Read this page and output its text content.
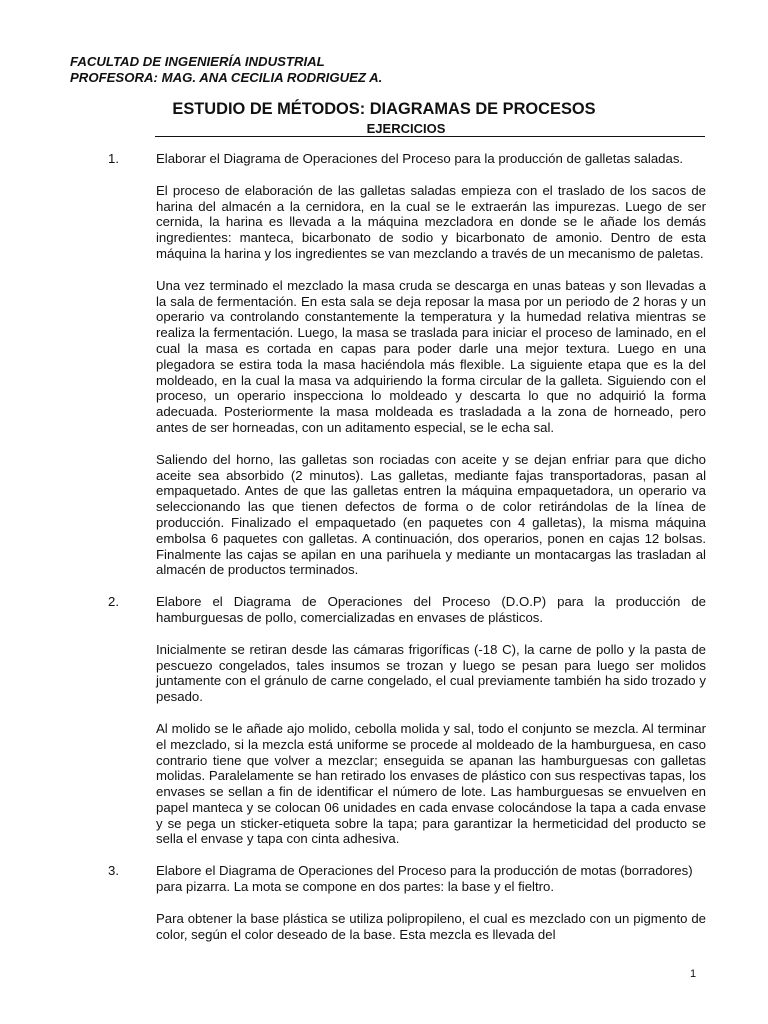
FACULTAD DE INGENIERÍA INDUSTRIAL
PROFESORA: MAG. ANA CECILIA RODRIGUEZ A.
ESTUDIO DE MÉTODOS: DIAGRAMAS DE PROCESOS
EJERCICIOS
1.	Elaborar el Diagrama de Operaciones del Proceso para la producción de galletas saladas.

El proceso de elaboración de las galletas saladas empieza con el traslado de los sacos de harina del almacén a la cernidora, en la cual se le extraerán las impurezas. Luego de ser cernida, la harina es llevada a la máquina mezcladora en donde se le añade los demás ingredientes: manteca, bicarbonato de sodio y bicarbonato de amonio. Dentro de esta máquina la harina y los ingredientes se van mezclando a través de un mecanismo de paletas.

Una vez terminado el mezclado la masa cruda se descarga en unas bateas y son llevadas a la sala de fermentación. En esta sala se deja reposar la masa por un periodo de 2 horas y un operario va controlando constantemente la temperatura y la humedad relativa mientras se realiza la fermentación. Luego, la masa se traslada para iniciar el proceso de laminado, en el cual la masa es cortada en capas para poder darle una mejor textura. Luego en una plegadora se estira toda la masa haciéndola más flexible. La siguiente etapa que es la del moldeado, en la cual la masa va adquiriendo la forma circular de la galleta. Siguiendo con el proceso, un operario inspecciona lo moldeado y descarta lo que no adquirió la forma adecuada. Posteriormente la masa moldeada es trasladada a la zona de horneado, pero antes de ser horneadas, con un aditamento especial, se le echa sal.

Saliendo del horno, las galletas son rociadas con aceite y se dejan enfriar para que dicho aceite sea absorbido (2 minutos). Las galletas, mediante fajas transportadoras, pasan al empaquetado. Antes de que las galletas entren la máquina empaquetadora, un operario va seleccionando las que tienen defectos de forma o de color retirándolas de la línea de producción. Finalizado el empaquetado (en paquetes con 4 galletas), la misma máquina embolsa 6 paquetes con galletas. A continuación, dos operarios, ponen en cajas 12 bolsas. Finalmente las cajas se apilan en una parihuela y mediante un montacargas las trasladan al almacén de productos terminados.

2.	Elabore el Diagrama de Operaciones del Proceso (D.O.P) para la producción de hamburguesas de pollo, comercializadas en envases de plásticos.

Inicialmente se retiran desde las cámaras frigoríficas (-18 C), la carne de pollo y la pasta de pescuezo congelados, tales insumos se trozan y luego se pesan para luego ser molidos juntamente con el gránulo de carne congelado, el cual previamente también ha sido trozado y pesado.

Al molido se le añade ajo molido, cebolla molida y sal, todo el conjunto se mezcla. Al terminar el mezclado, si la mezcla está uniforme se procede al moldeado de la hamburguesa, en caso contrario tiene que volver a mezclar; enseguida se apanan las hamburguesas con galletas molidas. Paralelamente se han retirado los envases de plástico con sus respectivas tapas, los envases se sellan a fin de identificar el número de lote. Las hamburguesas se envuelven en papel manteca y se colocan 06 unidades en cada envase colocándose la tapa a cada envase y se pega un sticker-etiqueta sobre la tapa; para garantizar la hermeticidad del producto se sella el envase y tapa con cinta adhesiva.

3.	Elabore el Diagrama de Operaciones del Proceso para la producción de motas (borradores) para pizarra. La mota se compone en dos partes: la base y el fieltro.

Para obtener la base plástica se utiliza polipropileno, el cual es mezclado con un pigmento de color, según el color deseado de la base. Esta mezcla es llevada del

1
